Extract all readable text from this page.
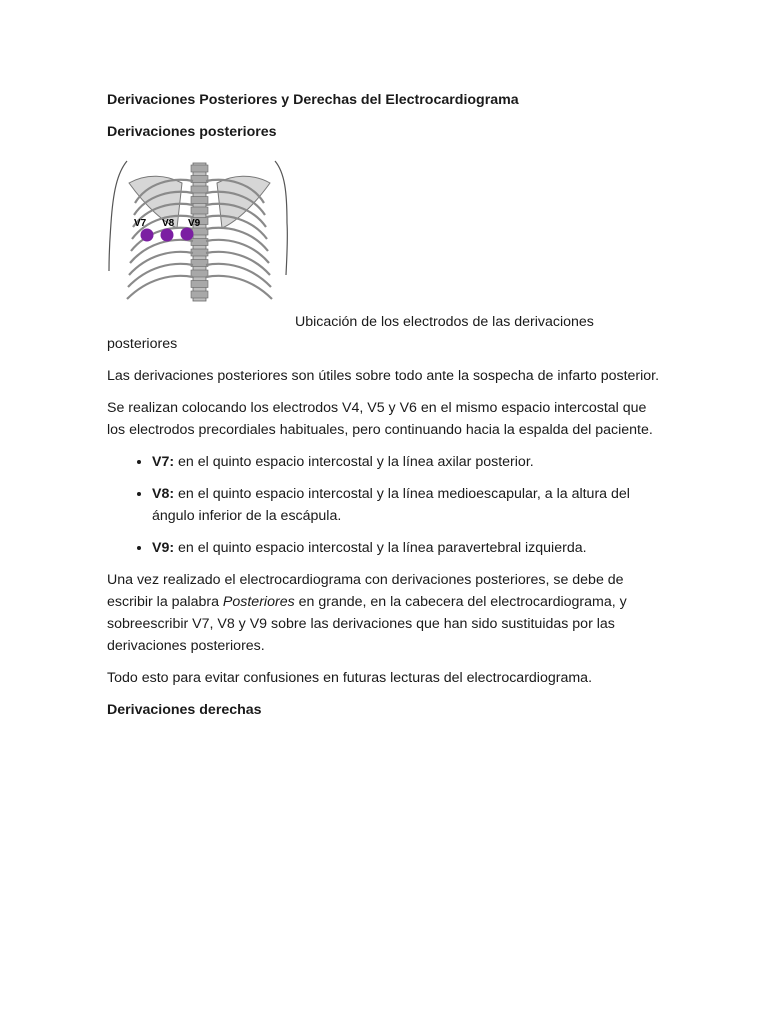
Derivaciones Posteriores y Derechas del Electrocardiograma
Derivaciones posteriores
V7 V8 V9

Ubicación de los electrodos de las derivaciones posteriores

Las derivaciones posteriores son útiles sobre todo ante la sospecha de infarto posterior.

Se realizan colocando los electrodos V4, V5 y V6 en el mismo espacio intercostal que los electrodos precordiales habituales, pero continuando hacia la espalda del paciente.

• V7: en el quinto espacio intercostal y la línea axilar posterior.
• V8: en el quinto espacio intercostal y la línea medioescapular, a la altura del ángulo inferior de la escápula.
• V9: en el quinto espacio intercostal y la línea paravertebral izquierda.

Una vez realizado el electrocardiograma con derivaciones posteriores, se debe de escribir la palabra Posteriores en grande, en la cabecera del electrocardiograma, y sobreescribir V7, V8 y V9 sobre las derivaciones que han sido sustituidas por las derivaciones posteriores.

Todo esto para evitar confusiones en futuras lecturas del electrocardiograma.

Derivaciones derechas
